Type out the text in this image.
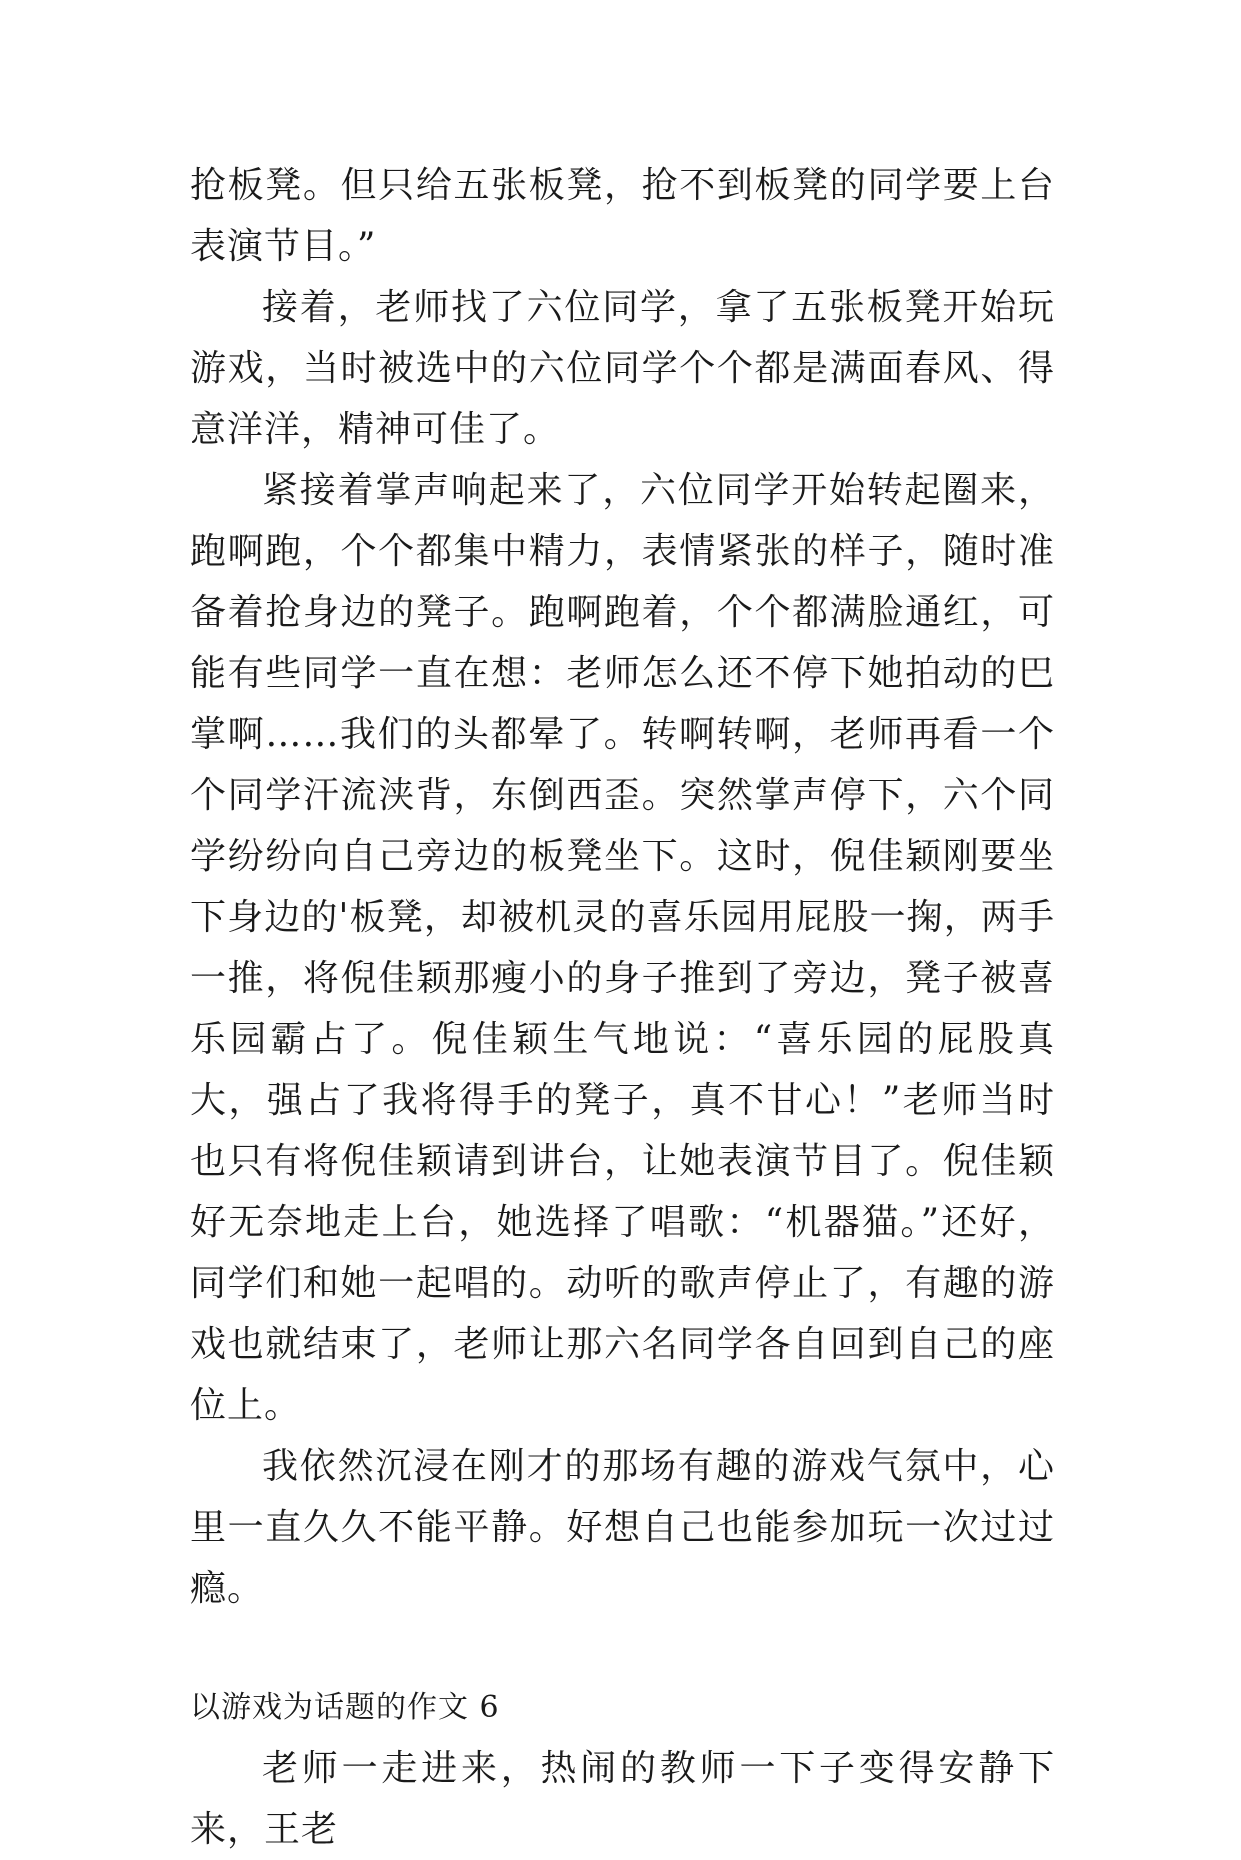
抢板凳。但只给五张板凳，抢不到板凳的同学要上台表演节目。”

接着，老师找了六位同学，拿了五张板凳开始玩游戏，当时被选中的六位同学个个都是满面春风、得意洋洋，精神可佳了。

紧接着掌声响起来了，六位同学开始转起圈来，跑啊跑，个个都集中精力，表情紧张的样子，随时准备着抢身边的凳子。跑啊跑着，个个都满脸通红，可能有些同学一直在想：老师怎么还不停下她拍动的巴掌啊……我们的头都晕了。转啊转啊，老师再看一个个同学汗流浃背，东倒西歪。突然掌声停下，六个同学纷纷向自己旁边的板凳坐下。这时，倪佳颖刚要坐下身边的'板凳，却被机灵的喜乐园用屁股一掬，两手一推，将倪佳颖那瘦小的身子推到了旁边，凳子被喜乐园霸占了。倪佳颖生气地说：“喜乐园的屁股真大，强占了我将得手的凳子，真不甘心！”老师当时也只有将倪佳颖请到讲台，让她表演节目了。倪佳颖好无奈地走上台，她选择了唱歌：“机器猫。”还好，同学们和她一起唱的。动听的歌声停止了，有趣的游戏也就结束了，老师让那六名同学各自回到自己的座位上。

我依然沉浸在刚才的那场有趣的游戏气氛中，心里一直久久不能平静。好想自己也能参加玩一次过过瘾。

以游戏为话题的作文 6

老师一走进来，热闹的教师一下子变得安静下来，王老
